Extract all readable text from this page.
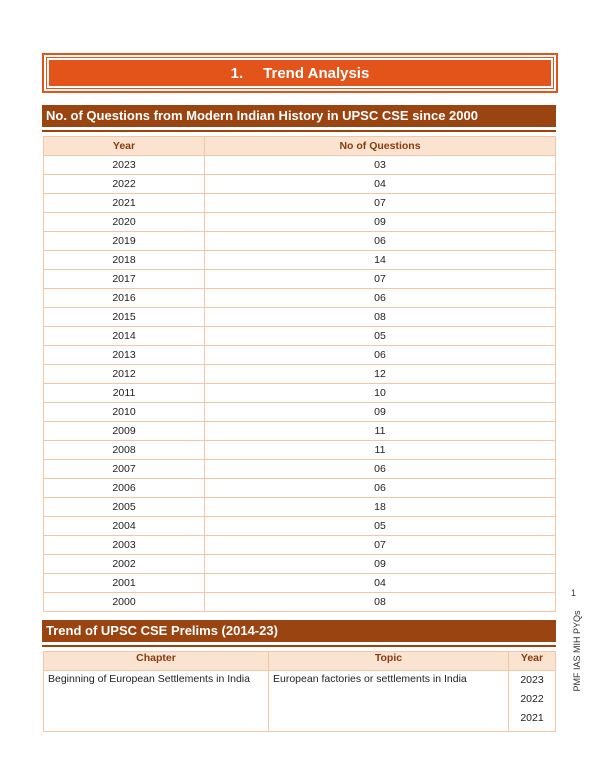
1. Trend Analysis
No. of Questions from Modern Indian History in UPSC CSE since 2000
Year	No of Questions
2023	03
2022	04
2021	07
2020	09
2019	06
2018	14
2017	07
2016	06
2015	08
2014	05
2013	06
2012	12
2011	10
2010	09
2009	11
2008	11
2007	06
2006	06
2005	18
2004	05
2003	07
2002	09
2001	04
2000	08
Trend of UPSC CSE Prelims (2014-23)
Chapter	Topic	Year
Beginning of European Settlements in India	European factories or settlements in India	2023
2022
2021
1
PMF IAS MIH PYQs
